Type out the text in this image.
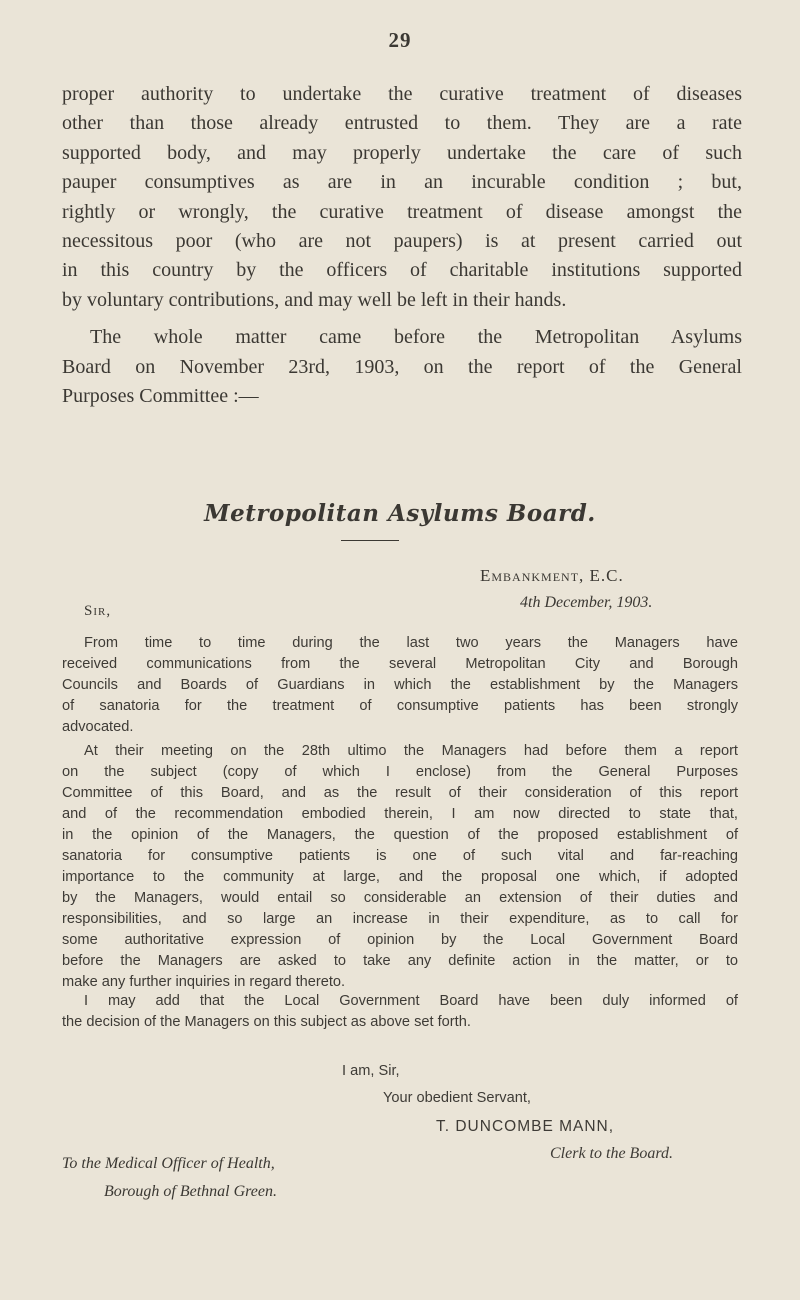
29
proper authority to undertake the curative treatment of diseases
other than those already entrusted to them. They are a rate
supported body, and may properly undertake the care of such
pauper consumptives as are in an incurable condition ; but,
rightly or wrongly, the curative treatment of disease amongst the
necessitous poor (who are not paupers) is at present carried out
in this country by the officers of charitable institutions supported
by voluntary contributions, and may well be left in their hands.
The whole matter came before the Metropolitan Asylums
Board on November 23rd, 1903, on the report of the General
Purposes Committee :—
Metropolitan Asylums Board.
Embankment, E.C.
4th December, 1903.
Sir,
From time to time during the last two years the Managers have
received communications from the several Metropolitan City and Borough
Councils and Boards of Guardians in which the establishment by the Managers
of sanatoria for the treatment of consumptive patients has been strongly
advocated.
At their meeting on the 28th ultimo the Managers had before them a report
on the subject (copy of which I enclose) from the General Purposes
Committee of this Board, and as the result of their consideration of this report
and of the recommendation embodied therein, I am now directed to state that,
in the opinion of the Managers, the question of the proposed establishment of
sanatoria for consumptive patients is one of such vital and far-reaching
importance to the community at large, and the proposal one which, if adopted
by the Managers, would entail so considerable an extension of their duties and
responsibilities, and so large an increase in their expenditure, as to call for
some authoritative expression of opinion by the Local Government Board
before the Managers are asked to take any definite action in the matter, or to
make any further inquiries in regard thereto.
I may add that the Local Government Board have been duly informed of
the decision of the Managers on this subject as above set forth.
I am, Sir,
Your obedient Servant,
T. DUNCOMBE MANN,
Clerk to the Board.
To the Medical Officer of Health,
Borough of Bethnal Green.
